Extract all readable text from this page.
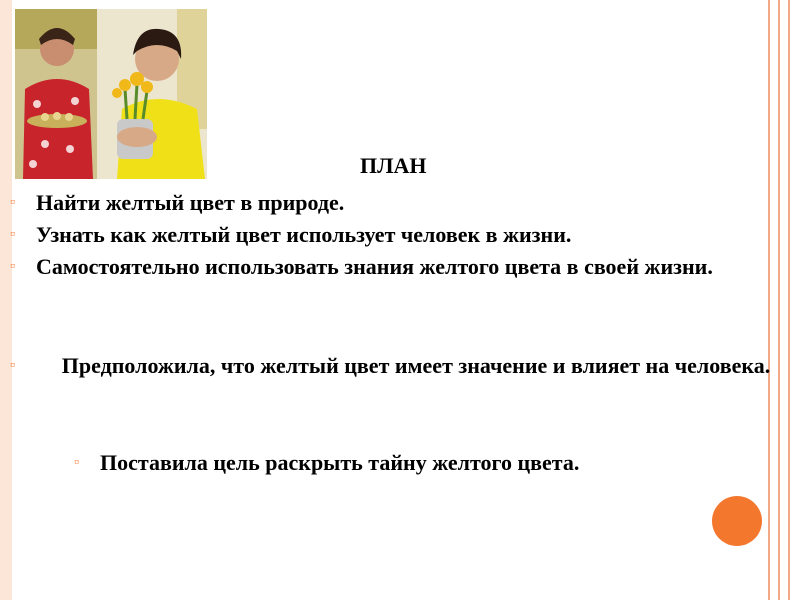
ПЛАН
▫ Найти желтый цвет в природе.
▫ Узнать как желтый цвет использует человек в жизни.
▫ Самостоятельно использовать знания желтого цвета в своей жизни.
▫ Предположила, что желтый цвет имеет значение и влияет на человека.
▫ Поставила цель раскрыть тайну желтого цвета.
